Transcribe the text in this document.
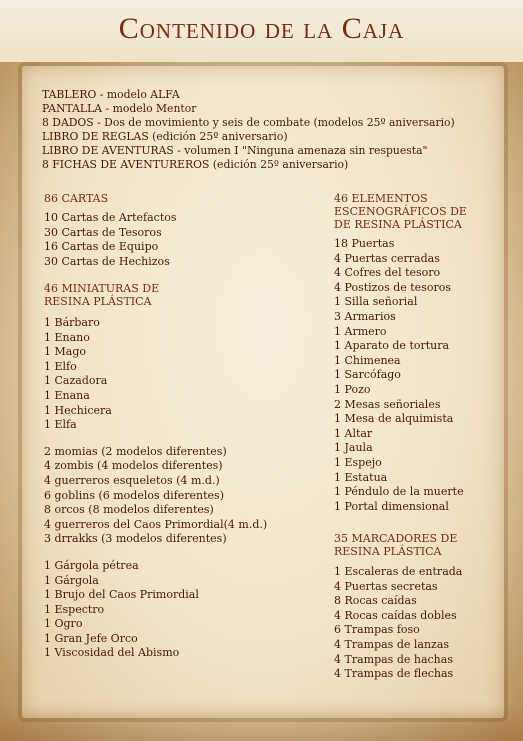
Contenido de la Caja
TABLERO - modelo ALFA
PANTALLA - modelo Mentor
8 DADOS - Dos de movimiento y seis de combate (modelos 25º aniversario)
LIBRO DE REGLAS (edición 25º aniversario)
LIBRO DE AVENTURAS - volumen I "Ninguna amenaza sin respuesta"
8 FICHAS DE AVENTUREROS (edición 25º aniversario)
86 CARTAS
10 Cartas de Artefactos
30 Cartas de Tesoros
16 Cartas de Equipo
30 Cartas de Hechizos
46 MINIATURAS DE
RESINA PLÁSTICA
1 Bárbaro
1 Enano
1 Mago
1 Elfo
1 Cazadora
1 Enana
1 Hechicera
1 Elfa
2 momias (2 modelos diferentes)
4 zombis (4 modelos diferentes)
4 guerreros esqueletos (4 m.d.)
6 goblins (6 modelos diferentes)
8 orcos (8 modelos diferentes)
4 guerreros del Caos Primordial(4 m.d.)
3 drrakks (3 modelos diferentes)
1 Gárgola pétrea
1 Gárgola
1 Brujo del Caos Primordial
1 Espectro
1 Ogro
1 Gran Jefe Orco
1 Viscosidad del Abismo
46 ELEMENTOS
ESCENOGRÁFICOS DE
DE RESINA PLÁSTICA
18 Puertas
4 Puertas cerradas
4 Cofres del tesoro
4 Postizos de tesoros
1 Silla señorial
3 Armarios
1 Armero
1 Aparato de tortura
1 Chimenea
1 Sarcófago
1 Pozo
2 Mesas señoriales
1 Mesa de alquimista
1 Altar
1 Jaula
1 Espejo
1 Estatua
1 Péndulo de la muerte
1 Portal dimensional
35 MARCADORES DE
RESINA PLÁSTICA
1 Escaleras de entrada
4 Puertas secretas
8 Rocas caídas
4 Rocas caídas dobles
6 Trampas foso
4 Trampas de lanzas
4 Trampas de hachas
4 Trampas de flechas
